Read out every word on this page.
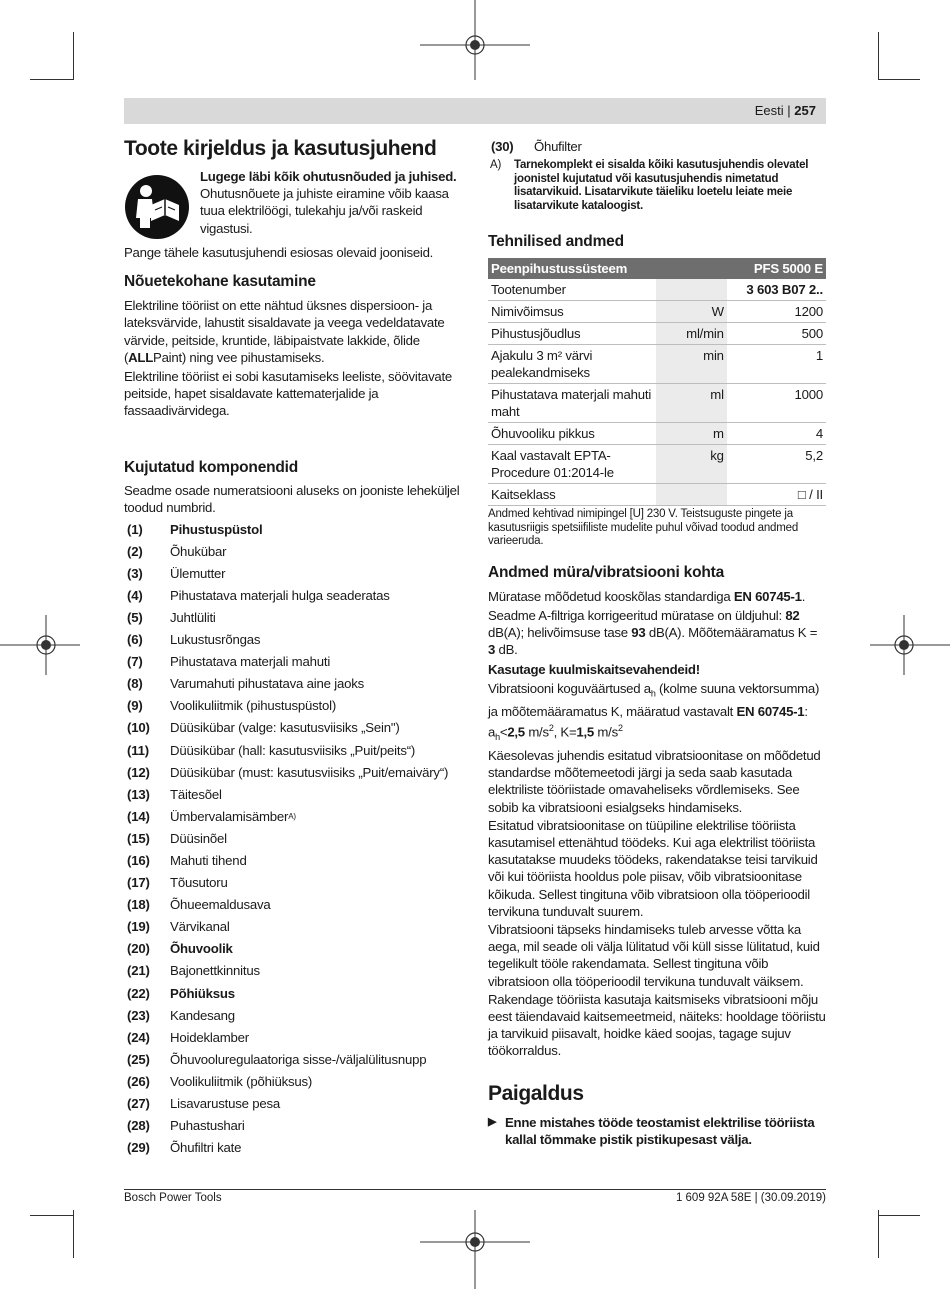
Eesti | 257
Toote kirjeldus ja kasutusjuhend
Lugege läbi kõik ohutusnõuded ja juhised.
Ohutusnõuete ja juhiste eiramine võib kaasa tuua elektrilöögi, tulekahju ja/või raskeid vigastusi.
Pange tähele kasutusjuhendi esiosas olevaid jooniseid.
Nõuetekohane kasutamine
Elektriline tööriist on ette nähtud üksnes dispersioon- ja lateksvärvide, lahustit sisaldavate ja veega vedeldatavate värvide, peitside, kruntide, läbipaistvate lakkide, õlide (ALLPaint) ning vee pihustamiseks.
Elektriline tööriist ei sobi kasutamiseks leeliste, söövitavate peitside, hapet sisaldavate kattematerjalide ja fassaadivärvidega.
Kujutatud komponendid
Seadme osade numeratsiooni aluseks on jooniste leheküljel toodud numbrid.
(1)	Pihustuspüstol
(2)	Õhukübar
(3)	Ülemutter
(4)	Pihustatava materjali hulga seaderatas
(5)	Juhtlüliti
(6)	Lukustusrõngas
(7)	Pihustatava materjali mahuti
(8)	Varumahuti pihustatava aine jaoks
(9)	Voolikuliitmik (pihustuspüstol)
(10)	Düüsikübar (valge: kasutusviisiks „Sein")
(11)	Düüsikübar (hall: kasutusviisiks „Puit/peits“)
(12)	Düüsikübar (must: kasutusviisiks „Puit/emaiväry“)
(13)	Täitesõel
(14)	Ümbervalamisämber A)
(15)	Düüsinõel
(16)	Mahuti tihend
(17)	Tõusutoru
(18)	Õhueemaldusava
(19)	Värvikanal
(20)	Õhuvoolik
(21)	Bajonettkinnitus
(22)	Põhiüksus
(23)	Kandesang
(24)	Hoideklamber
(25)	Õhuvooluregulaatoriga sisse-/väljalülitusnupp
(26)	Voolikuliitmik (põhiüksus)
(27)	Lisavarustuse pesa
(28)	Puhastushari
(29)	Õhufiltri kate
(30)	Õhufilter
A)	Tarnekomplekt ei sisalda kõiki kasutusjuhendis olevatel joonistel kujutatud või kasutusjuhendis nimetatud lisatarvikuid. Lisatarvikute täieliku loetelu leiate meie lisatarvikute kataloogist.
Tehnilised andmed
Peenpihustussüsteem		PFS 5000 E
Tootenumber		3 603 B07 2..
Nimivõimsus	W	1200
Pihustusjõudlus	ml/min	500
Ajakulu 3 m² värvi pealekandmiseks	min	1
Pihustatava materjali mahuti maht	ml	1000
Õhuvooliku pikkus	m	4
Kaal vastavalt EPTA-Procedure 01:2014-le	kg	5,2
Kaitseklass		□ / II
Andmed kehtivad nimipingel [U] 230 V. Teistsuguste pingete ja kasutusriigis spetsiifiliste mudelite puhul võivad toodud andmed varieeruda.
Andmed müra/vibratsiooni kohta
Müratase mõõdetud kooskõlas standardiga EN 60745-1.
Seadme A-filtriga korrigeeritud müratase on üldjuhul: 82 dB(A); helivõimsuse tase 93 dB(A). Mõõtemääramatus K = 3 dB.
Kasutage kuulmiskaitsevahendeid!
Vibratsiooni koguväärtused $a_h$ (kolme suuna vektorsumma) ja mõõtemääramatus K, määratud vastavalt EN 60745-1:
$a_h<2,5$ $m/s^2$, K=1,5 $m/s^2$
Käesolevas juhendis esitatud vibratsioonitase on mõõdetud standardse mõõtemeetodi järgi ja seda saab kasutada elektriliste tööriistade omavaheliseks võrdlemiseks. See sobib ka vibratsiooni esialgseks hindamiseks.
Esitatud vibratsioonitase on tüüpiline elektrilise tööriista kasutamisel ettenähtud töödeks. Kui aga elektrilist tööriista kasutatakse muudeks töödeks, rakendatakse teisi tarvikuid või kui tööriista hooldus pole piisav, võib vibratsioonitase kõikuda. Sellest tingituna võib vibratsioon olla tööperioodil tervikuna tunduvalt suurem.
Vibratsiooni täpseks hindamiseks tuleb arvesse võtta ka aega, mil seade oli välja lülitatud või küll sisse lülitatud, kuid tegelikult tööle rakendamata. Sellest tingituna võib vibratsioon olla tööperioodil tervikuna tunduvalt väiksem.
Rakendage tööriista kasutaja kaitsmiseks vibratsiooni mõju eest täiendavaid kaitsemeetmeid, näiteks: hooldage tööriistu ja tarvikuid piisavalt, hoidke käed soojas, tagage sujuv töökorraldus.
Paigaldus
▶ Enne mistahes tööde teostamist elektrilise tööriista kallal tõmmake pistik pistikupesast välja.
Bosch Power Tools	1 609 92A 58E | (30.09.2019)
